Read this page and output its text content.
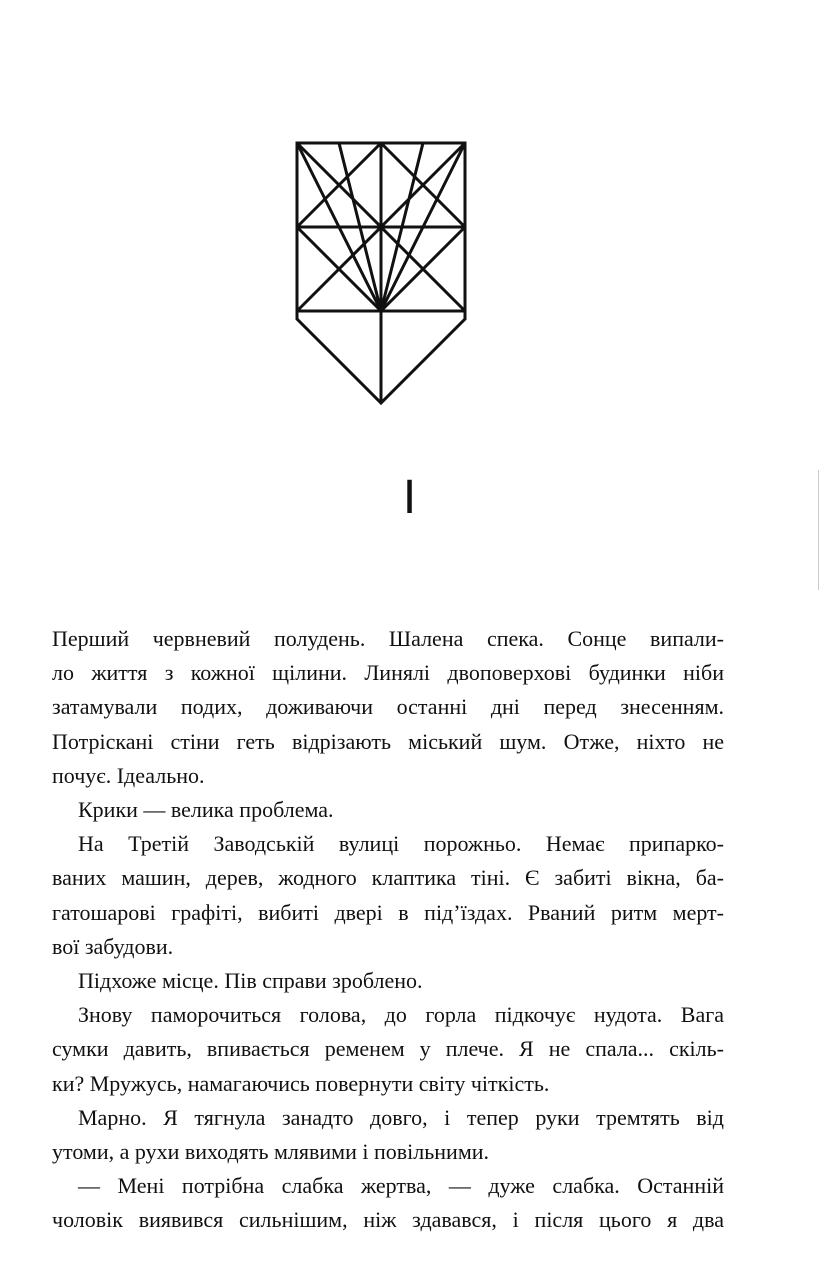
I
Перший червневий полудень. Шалена спека. Сонце випали-
ло життя з кожної щілини. Линялі двоповерхові будинки ніби
затамували подих, доживаючи останні дні перед знесенням.
Потріскані стіни геть відрізають міський шум. Отже, ніхто не
почує. Ідеально.
Крики — велика проблема.
На Третій Заводській вулиці порожньо. Немає припарко-
ваних машин, дерев, жодного клаптика тіні. Є забиті вікна, ба-
гатошарові графіті, вибиті двері в під’їздах. Рваний ритм мерт-
вої забудови.
Підхоже місце. Пів справи зроблено.
Знову паморочиться голова, до горла підкочує нудота. Вага
сумки давить, впивається ременем у плече. Я не спала... скіль-
ки? Мружусь, намагаючись повернути світу чіткість.
Марно. Я тягнула занадто довго, і тепер руки тремтять від
утоми, а рухи виходять млявими і повільними.
— Мені потрібна слабка жертва, — дуже слабка. Останній
чоловік виявився сильнішим, ніж здавався, і після цього я два
